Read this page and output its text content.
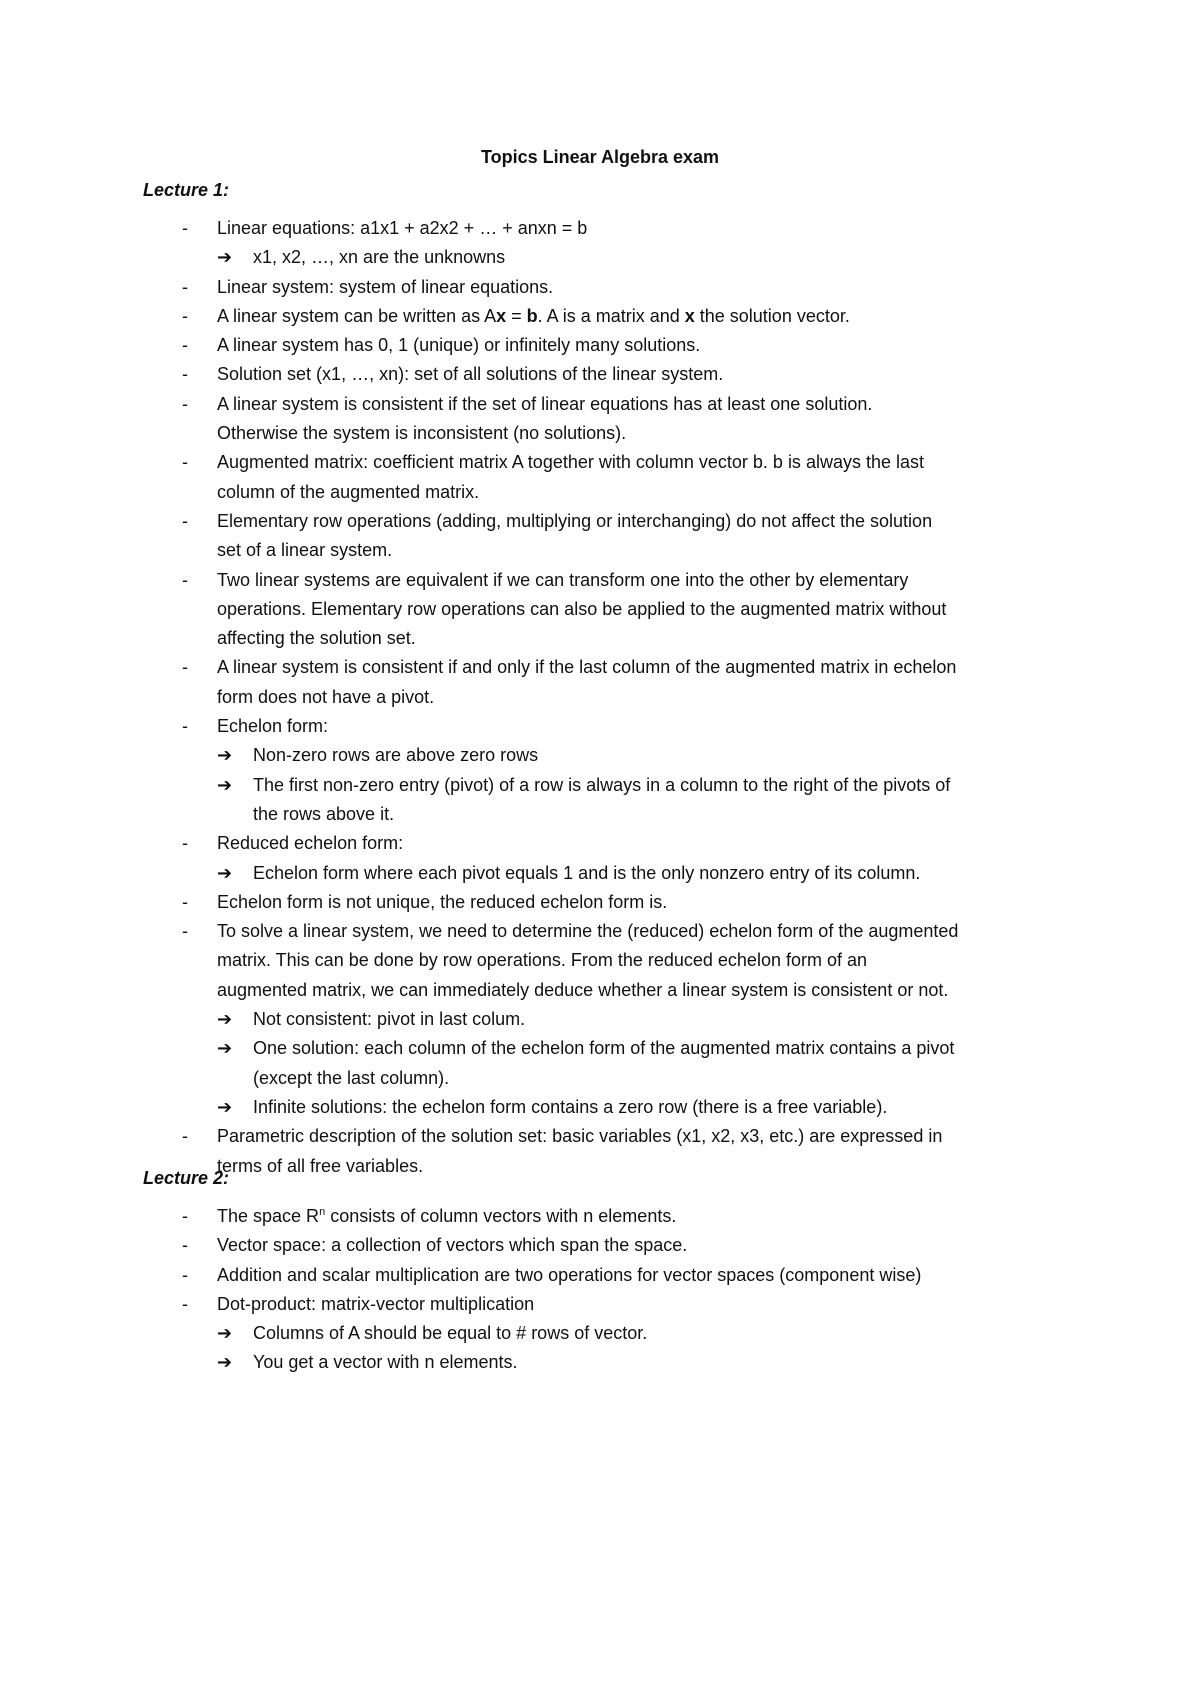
Topics Linear Algebra exam
Lecture 1:
- Linear equations: a1x1 + a2x2 + … + anxn = b
➔ x1, x2, …, xn are the unknowns
- Linear system: system of linear equations.
- A linear system can be written as Ax = b. A is a matrix and x the solution vector.
- A linear system has 0, 1 (unique) or infinitely many solutions.
- Solution set (x1, …, xn): set of all solutions of the linear system.
- A linear system is consistent if the set of linear equations has at least one solution.
Otherwise the system is inconsistent (no solutions).
- Augmented matrix: coefficient matrix A together with column vector b. b is always the last
column of the augmented matrix.
- Elementary row operations (adding, multiplying or interchanging) do not affect the solution
set of a linear system.
- Two linear systems are equivalent if we can transform one into the other by elementary
operations. Elementary row operations can also be applied to the augmented matrix without
affecting the solution set.
- A linear system is consistent if and only if the last column of the augmented matrix in echelon
form does not have a pivot.
- Echelon form:
➔ Non-zero rows are above zero rows
➔ The first non-zero entry (pivot) of a row is always in a column to the right of the pivots of
the rows above it.
- Reduced echelon form:
➔ Echelon form where each pivot equals 1 and is the only nonzero entry of its column.
- Echelon form is not unique, the reduced echelon form is.
- To solve a linear system, we need to determine the (reduced) echelon form of the augmented
matrix. This can be done by row operations. From the reduced echelon form of an
augmented matrix, we can immediately deduce whether a linear system is consistent or not.
➔ Not consistent: pivot in last colum.
➔ One solution: each column of the echelon form of the augmented matrix contains a pivot
(except the last column).
➔ Infinite solutions: the echelon form contains a zero row (there is a free variable).
- Parametric description of the solution set: basic variables (x1, x2, x3, etc.) are expressed in
terms of all free variables.
Lecture 2:
- The space $R^n$ consists of column vectors with n elements.
- Vector space: a collection of vectors which span the space.
- Addition and scalar multiplication are two operations for vector spaces (component wise)
- Dot-product: matrix-vector multiplication
➔ Columns of A should be equal to # rows of vector.
➔ You get a vector with n elements.
